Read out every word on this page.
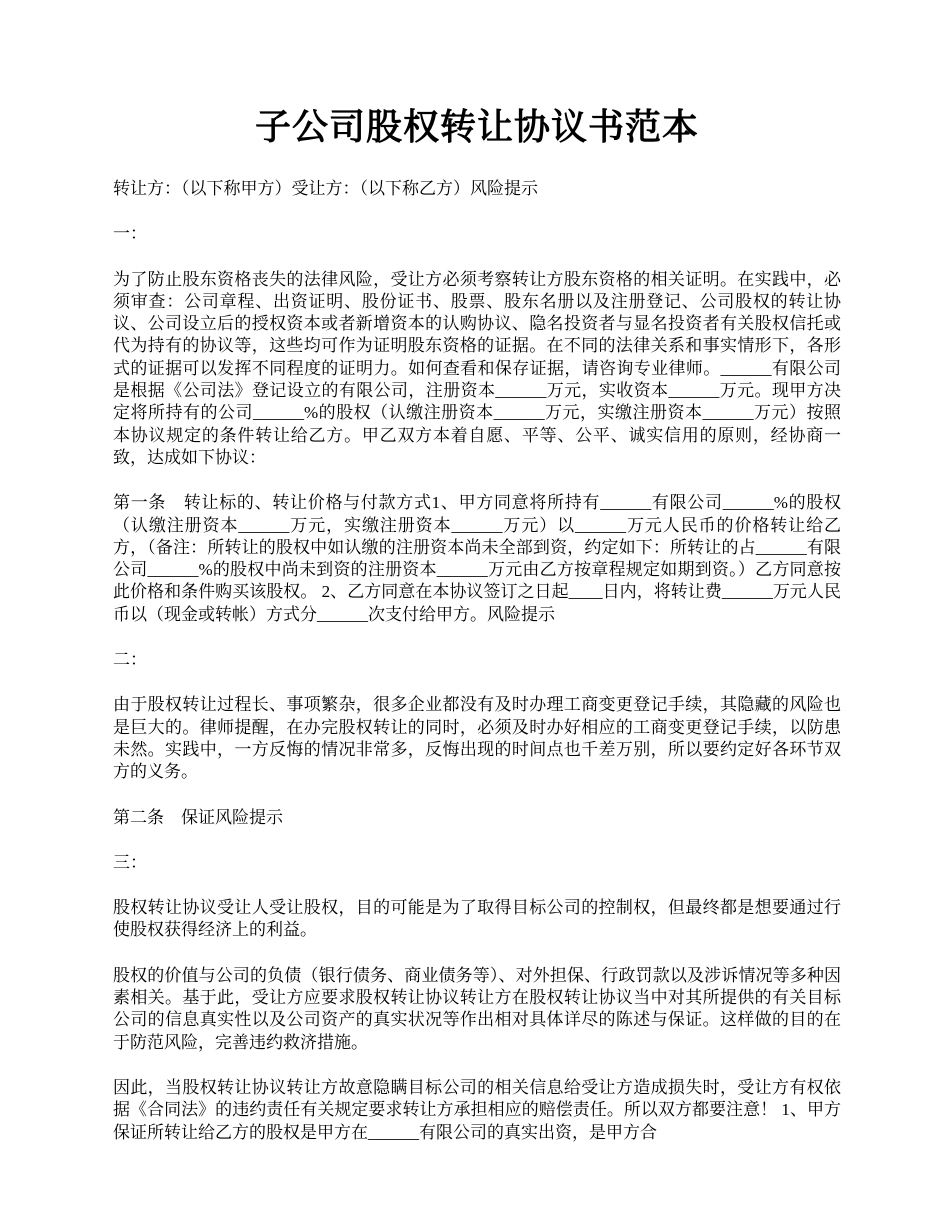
子公司股权转让协议书范本

转让方：（以下称甲方）受让方：（以下称乙方）风险提示

一：

为了防止股东资格丧失的法律风险，受让方必须考察转让方股东资格的相关证明。在实践中，必须审查：公司章程、出资证明、股份证书、股票、股东名册以及注册登记、公司股权的转让协议、公司设立后的授权资本或者新增资本的认购协议、隐名投资者与显名投资者有关股权信托或代为持有的协议等，这些均可作为证明股东资格的证据。在不同的法律关系和事实情形下，各形式的证据可以发挥不同程度的证明力。如何查看和保存证据，请咨询专业律师。______有限公司是根据《公司法》登记设立的有限公司，注册资本______万元，实收资本______万元。现甲方决定将所持有的公司______%的股权（认缴注册资本______万元，实缴注册资本______万元）按照本协议规定的条件转让给乙方。甲乙双方本着自愿、平等、公平、诚实信用的原则，经协商一致，达成如下协议：

第一条　转让标的、转让价格与付款方式1、甲方同意将所持有______有限公司______%的股权（认缴注册资本______万元，实缴注册资本______万元）以______万元人民币的价格转让给乙方，（备注：所转让的股权中如认缴的注册资本尚未全部到资，约定如下：所转让的占______有限公司______%的股权中尚未到资的注册资本______万元由乙方按章程规定如期到资。）乙方同意按此价格和条件购买该股权。 2、乙方同意在本协议签订之日起____日内，将转让费______万元人民币以（现金或转帐）方式分______次支付给甲方。风险提示

二：

由于股权转让过程长、事项繁杂，很多企业都没有及时办理工商变更登记手续，其隐藏的风险也是巨大的。律师提醒，在办完股权转让的同时，必须及时办好相应的工商变更登记手续，以防患未然。实践中，一方反悔的情况非常多，反悔出现的时间点也千差万别，所以要约定好各环节双方的义务。

第二条　保证风险提示

三：

股权转让协议受让人受让股权，目的可能是为了取得目标公司的控制权，但最终都是想要通过行使股权获得经济上的利益。

股权的价值与公司的负债（银行债务、商业债务等）、对外担保、行政罚款以及涉诉情况等多种因素相关。基于此，受让方应要求股权转让协议转让方在股权转让协议当中对其所提供的有关目标公司的信息真实性以及公司资产的真实状况等作出相对具体详尽的陈述与保证。这样做的目的在于防范风险，完善违约救济措施。

因此，当股权转让协议转让方故意隐瞒目标公司的相关信息给受让方造成损失时，受让方有权依据《合同法》的违约责任有关规定要求转让方承担相应的赔偿责任。所以双方都要注意！ 1、甲方保证所转让给乙方的股权是甲方在______有限公司的真实出资，是甲方合
